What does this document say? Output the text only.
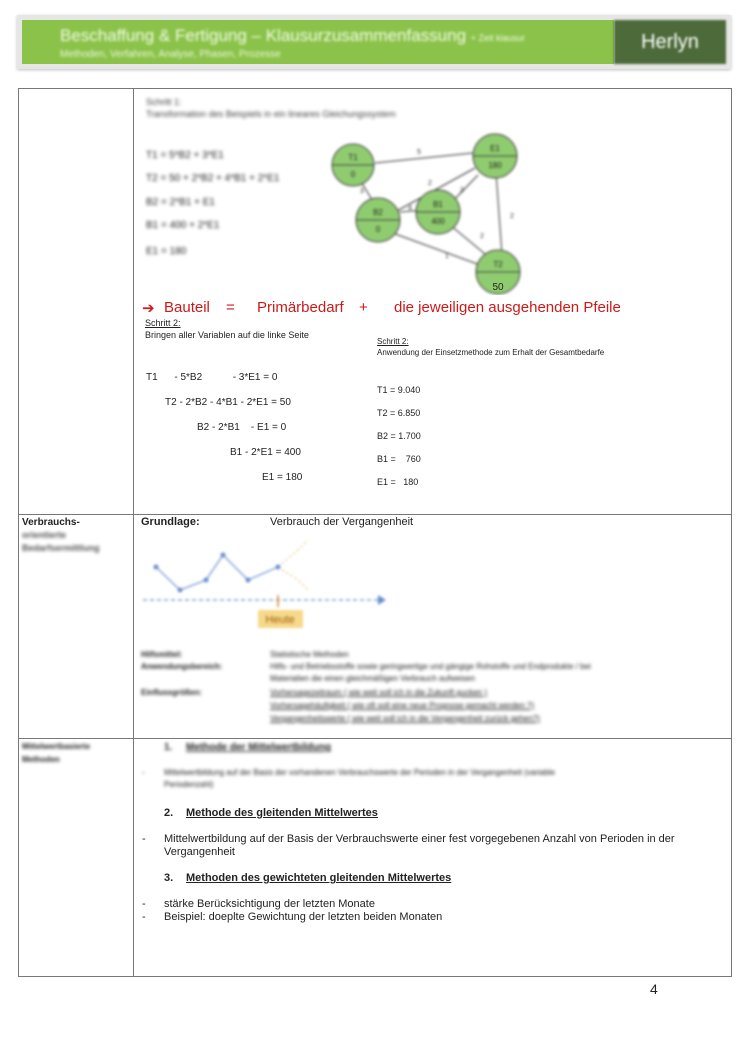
Beschaffung & Fertigung – Klausurzusammenfassung + Zeit klausur
Methoden, Verfahren, Analyse, Phasen, Prozesse
Herlyn
Schritt 1:
Transformation des Beispiels in ein lineares Gleichungssystem
T1 = 5*B2 + 3*E1
T2 = 50 + 2*B2 + 4*B1 + 2*E1
B2 = 2*B1 + E1
B1 = 400 + 2*E1
E1 = 180
T1
0
E1
180
B2
0
B1
400
T2
5
3
2
4
2
2
1
2
50
➔ Bauteil = Primärbedarf + die jeweiligen ausgehenden Pfeile
Schritt 2:
Bringen aller Variablen auf die linke Seite
T1      - 5*B2           - 3*E1 = 0
T2 - 2*B2 - 4*B1 - 2*E1 = 50
B2 - 2*B1    - E1 = 0
B1 - 2*E1 = 400
E1 = 180
Schritt 2:
Anwendung der Einsetzmethode zum Erhalt der Gesamtbedarfe
T1 = 9.040
T2 = 6.850
B2 = 1.700
B1 =    760
E1 =   180
Verbrauchs-
orientierte
Bedarfsermittlung
Grundlage:	Verbrauch der Vergangenheit
Heute
Hilfsmittel:	Statistische Methoden
Anwendungsbereich:	Hilfs- und Betriebsstoffe sowie geringwertige und gängige Rohstoffe und Endprodukte / bei
Materialien die einen gleichmäßigen Verbrauch aufweisen
Einflussgrößen:	Vorhersagezeitraum ( wie weit soll ich in die Zukunft gucken )
Vorhersagehäufigkeit ( wie oft soll eine neue Prognose gemacht werden ?)
Vergangenheitswerte ( wie weit soll ich in die Vergangenheit zurück gehen?)
Mittelwertbasierte
Methoden
1. Methode der Mittelwertbildung
- Mittelwertbildung auf der Basis der vorhandenen Verbrauchswerte der Perioden in der Vergangenheit (variable
Periodenzahl)
2. Methode des gleitenden Mittelwertes
- Mittelwertbildung auf der Basis der Verbrauchswerte einer fest vorgegebenen Anzahl von Perioden in der
Vergangenheit
3. Methoden des gewichteten gleitenden Mittelwertes
- stärke Berücksichtigung der letzten Monate
- Beispiel: doeplte Gewichtung der letzten beiden Monaten
4
